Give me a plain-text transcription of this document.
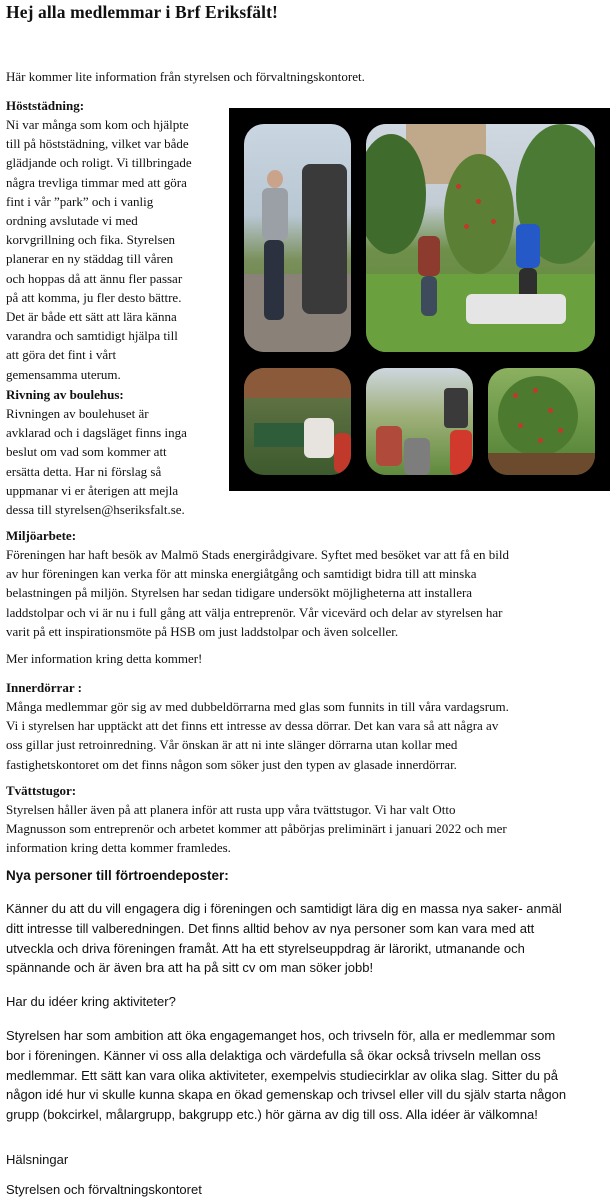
Hej alla medlemmar i Brf Eriksfält!

Här kommer lite information från styrelsen och förvaltningskontoret.

Höststädning:

Ni var många som kom och hjälpte

till på höststädning, vilket var både

glädjande och roligt. Vi tillbringade

några trevliga timmar med att göra

fint i vår ”park” och i vanlig

ordning avslutade vi med

korvgrillning och fika. Styrelsen

planerar en ny städdag till våren

och hoppas då att ännu fler passar

på att komma, ju fler desto bättre.

Det är både ett sätt att lära känna

varandra och samtidigt hjälpa till

att göra det fint i vårt

gemensamma uterum.

Rivning av boulehus:

Rivningen av boulehuset är

avklarad och i dagsläget finns inga

beslut om vad som kommer att

ersätta detta. Har ni förslag så

uppmanar vi er återigen att mejla

dessa till styrelsen@hseriksfalt.se.

Miljöarbete:

Föreningen har haft besök av Malmö Stads energirådgivare. Syftet med besöket var att få en bild

av hur föreningen kan verka för att minska energiåtgång och samtidigt bidra till att minska

belastningen på miljön. Styrelsen har sedan tidigare undersökt möjligheterna att installera

laddstolpar och vi är nu i full gång att välja entreprenör. Vår vicevärd och delar av styrelsen har

varit på ett inspirationsmöte på HSB om just laddstolpar och även solceller.

Mer information kring detta kommer!

Innerdörrar :

Många medlemmar gör sig av med dubbeldörrarna med glas som funnits in till våra vardagsrum.

Vi i styrelsen har upptäckt att det finns ett intresse av dessa dörrar. Det kan vara så att några av

oss gillar just retroinredning. Vår önskan är att ni inte slänger dörrarna utan kollar med

fastighetskontoret om det finns någon som söker just den typen av glasade innerdörrar.

Tvättstugor:

Styrelsen håller även på att planera inför att rusta upp våra tvättstugor. Vi har valt Otto

Magnusson som entreprenör och arbetet kommer att påbörjas preliminärt i januari 2022 och mer

information kring detta kommer framledes.

Nya personer till förtroendeposter:

Känner du att du vill engagera dig i föreningen och samtidigt lära dig en massa nya saker- anmäl

ditt intresse till valberedningen. Det finns alltid behov av nya personer som kan vara med att

utveckla och driva föreningen framåt. Att ha ett styrelseuppdrag är lärorikt, utmanande och

spännande och är även bra att ha på sitt cv om man söker jobb!

Har du idéer kring aktiviteter?

Styrelsen har som ambition att öka engagemanget hos, och trivseln för, alla er medlemmar som

bor i föreningen. Känner vi oss alla delaktiga och värdefulla så ökar också trivseln mellan oss

medlemmar. Ett sätt kan vara olika aktiviteter, exempelvis studiecirklar av olika slag. Sitter du på

någon idé hur vi skulle kunna skapa en ökad gemenskap och trivsel eller vill du själv starta någon

grupp (bokcirkel, målargrupp, bakgrupp etc.) hör gärna av dig till oss. Alla idéer är välkomna!

Hälsningar

Styrelsen och förvaltningskontoret
